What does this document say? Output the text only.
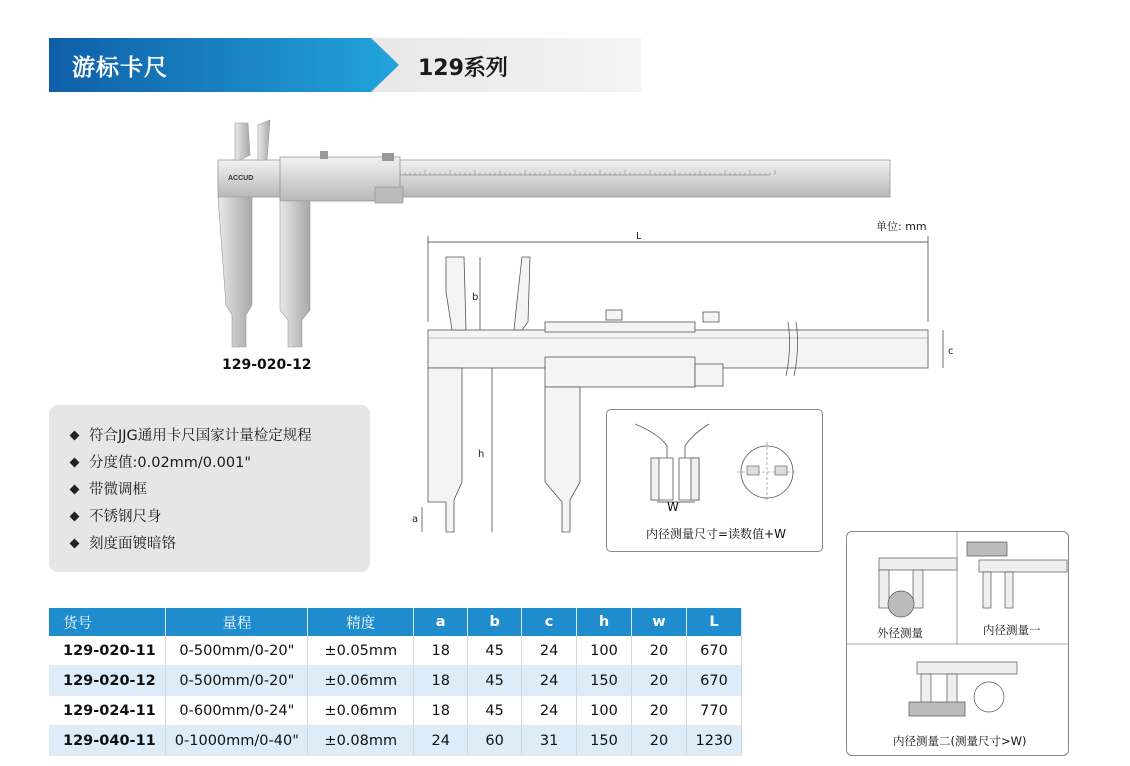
游标卡尺	129系列
ACCUD
129-020-12
单位: mm
L
b
c
h
a
符合JJG通用卡尺国家计量检定规程
分度值:0.02mm/0.001"
带微调框
不锈钢尺身
刻度面镀暗铬
W
内径测量尺寸=读数值+W
外径测量	内径测量一
内径测量二(测量尺寸>W)
货号	量程	精度	a	b	c	h	w	L
129-020-11	0-500mm/0-20"	±0.05mm	18	45	24	100	20	670
129-020-12	0-500mm/0-20"	±0.06mm	18	45	24	150	20	670
129-024-11	0-600mm/0-24"	±0.06mm	18	45	24	100	20	770
129-040-11	0-1000mm/0-40"	±0.08mm	24	60	31	150	20	1230
